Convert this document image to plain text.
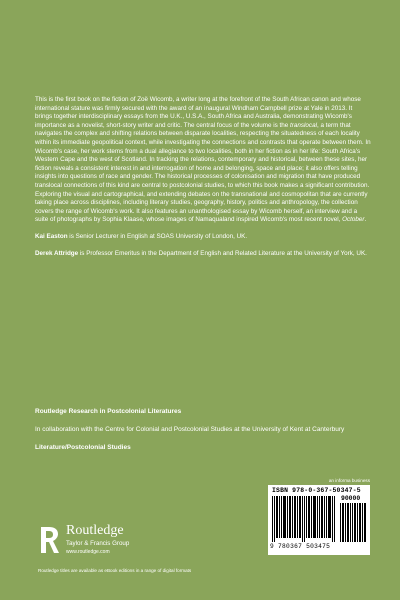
This is the first book on the fiction of Zoë Wicomb, a writer long at the forefront of the South African canon and whose international stature was firmly secured with the award of an inaugural Windham Campbell prize at Yale in 2013. It brings together interdisciplinary essays from the U.K., U.S.A., South Africa and Australia, demonstrating Wicomb's importance as a novelist, short-story writer and critic. The central focus of the volume is the translocal, a term that navigates the complex and shifting relations between disparate localities, respecting the situatedness of each locality within its immediate geopolitical context, while investigating the connections and contrasts that operate between them. In Wicomb's case, her work stems from a dual allegiance to two localities, both in her fiction as in her life: South Africa's Western Cape and the west of Scotland. In tracking the relations, contemporary and historical, between these sites, her fiction reveals a consistent interest in and interrogation of home and belonging, space and place; it also offers telling insights into questions of race and gender. The historical processes of colonisation and migration that have produced translocal connections of this kind are central to postcolonial studies, to which this book makes a significant contribution. Exploring the visual and cartographical, and extending debates on the transnational and cosmopolitan that are currently taking place across disciplines, including literary studies, geography, history, politics and anthropology, the collection covers the range of Wicomb's work. It also features an unanthologised essay by Wicomb herself, an interview and a suite of photographs by Sophia Klaase, whose images of Namaqualand inspired Wicomb's most recent novel, October.

Kai Easton is Senior Lecturer in English at SOAS University of London, UK.

Derek Attridge is Professor Emeritus in the Department of English and Related Literature at the University of York, UK.

Routledge Research in Postcolonial Literatures

In collaboration with the Centre for Colonial and Postcolonial Studies at the University of Kent at Canterbury

Literature/Postcolonial Studies

an informa business
ISBN 978-0-367-50347-5
90000
9 780367 503475
Routledge
Taylor & Francis Group
www.routledge.com
Routledge titles are available as eBook editions in a range of digital formats
